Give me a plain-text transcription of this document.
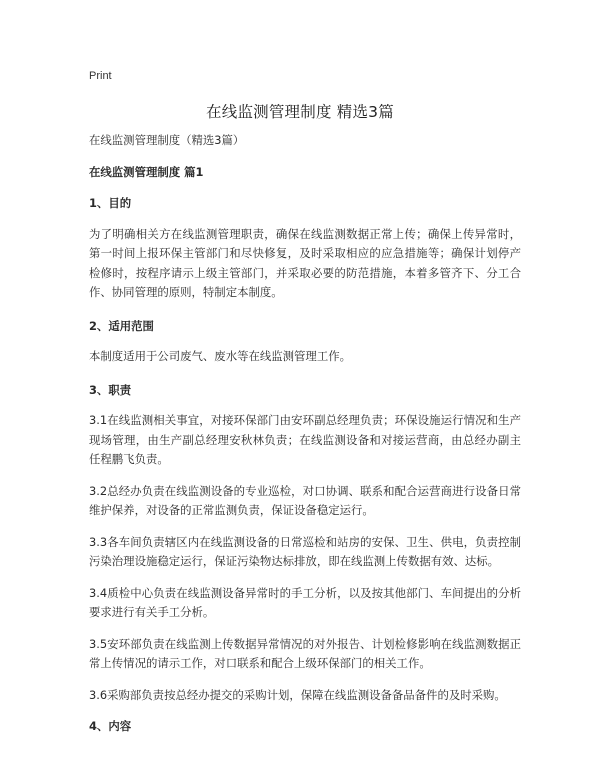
Print
在线监测管理制度 精选3篇

在线监测管理制度（精选3篇）

在线监测管理制度 篇1

1、目的

为了明确相关方在线监测管理职责，确保在线监测数据正常上传；确保上传异常时，第一时间上报环保主管部门和尽快修复，及时采取相应的应急措施等；确保计划停产检修时，按程序请示上级主管部门，并采取必要的防范措施，本着多管齐下、分工合作、协同管理的原则，特制定本制度。

2、适用范围

本制度适用于公司废气、废水等在线监测管理工作。

3、职责

3.1在线监测相关事宜，对接环保部门由安环副总经理负责；环保设施运行情况和生产现场管理，由生产副总经理安秋林负责；在线监测设备和对接运营商，由总经办副主任程鹏飞负责。

3.2总经办负责在线监测设备的专业巡检，对口协调、联系和配合运营商进行设备日常维护保养，对设备的正常监测负责，保证设备稳定运行。

3.3各车间负责辖区内在线监测设备的日常巡检和站房的安保、卫生、供电，负责控制污染治理设施稳定运行，保证污染物达标排放，即在线监测上传数据有效、达标。

3.4质检中心负责在线监测设备异常时的手工分析，以及按其他部门、车间提出的分析要求进行有关手工分析。

3.5安环部负责在线监测上传数据异常情况的对外报告、计划检修影响在线监测数据正常上传情况的请示工作，对口联系和配合上级环保部门的相关工作。

3.6采购部负责按总经办提交的采购计划，保障在线监测设备备品备件的及时采购。

4、内容
